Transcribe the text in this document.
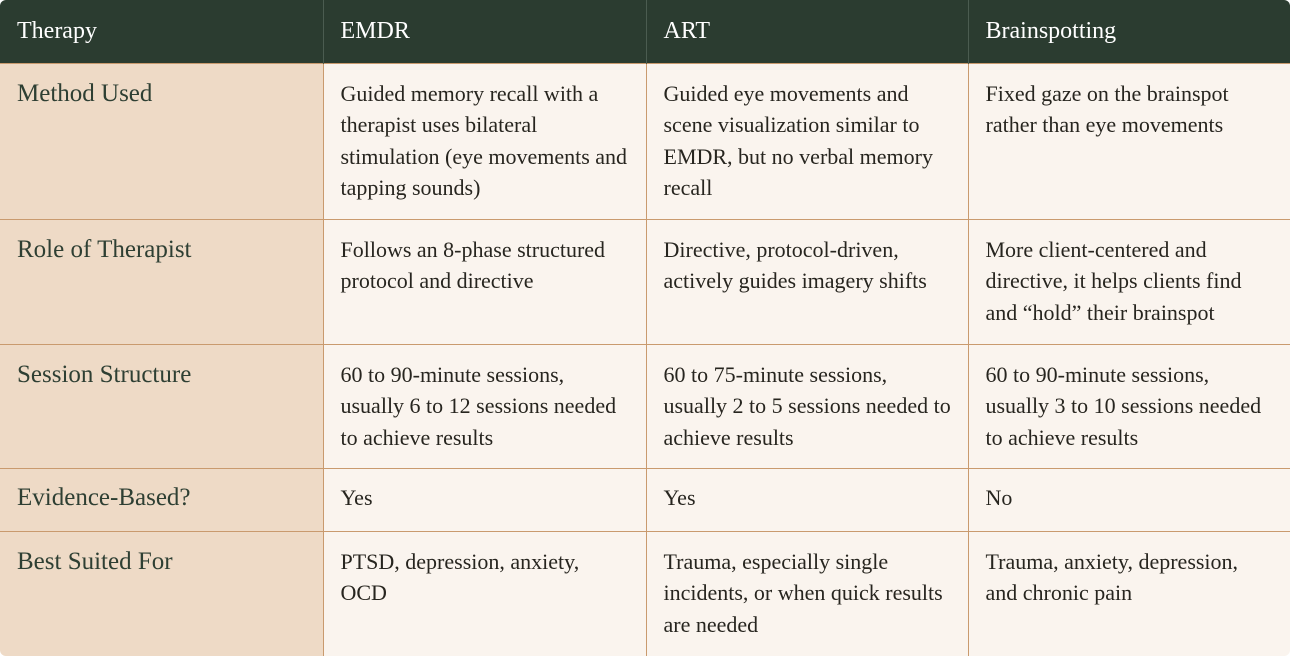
Therapy	EMDR	ART	Brainspotting
Method Used	Guided memory recall with a therapist uses bilateral stimulation (eye movements and tapping sounds)	Guided eye movements and scene visualization similar to EMDR, but no verbal memory recall	Fixed gaze on the brainspot rather than eye movements
Role of Therapist	Follows an 8-phase structured protocol and directive	Directive, protocol-driven, actively guides imagery shifts	More client-centered and directive, it helps clients find and “hold” their brainspot
Session Structure	60 to 90-minute sessions, usually 6 to 12 sessions needed to achieve results	60 to 75-minute sessions, usually 2 to 5 sessions needed to achieve results	60 to 90-minute sessions, usually 3 to 10 sessions needed to achieve results
Evidence-Based?	Yes	Yes	No
Best Suited For	PTSD, depression, anxiety, OCD	Trauma, especially single incidents, or when quick results are needed	Trauma, anxiety, depression, and chronic pain
